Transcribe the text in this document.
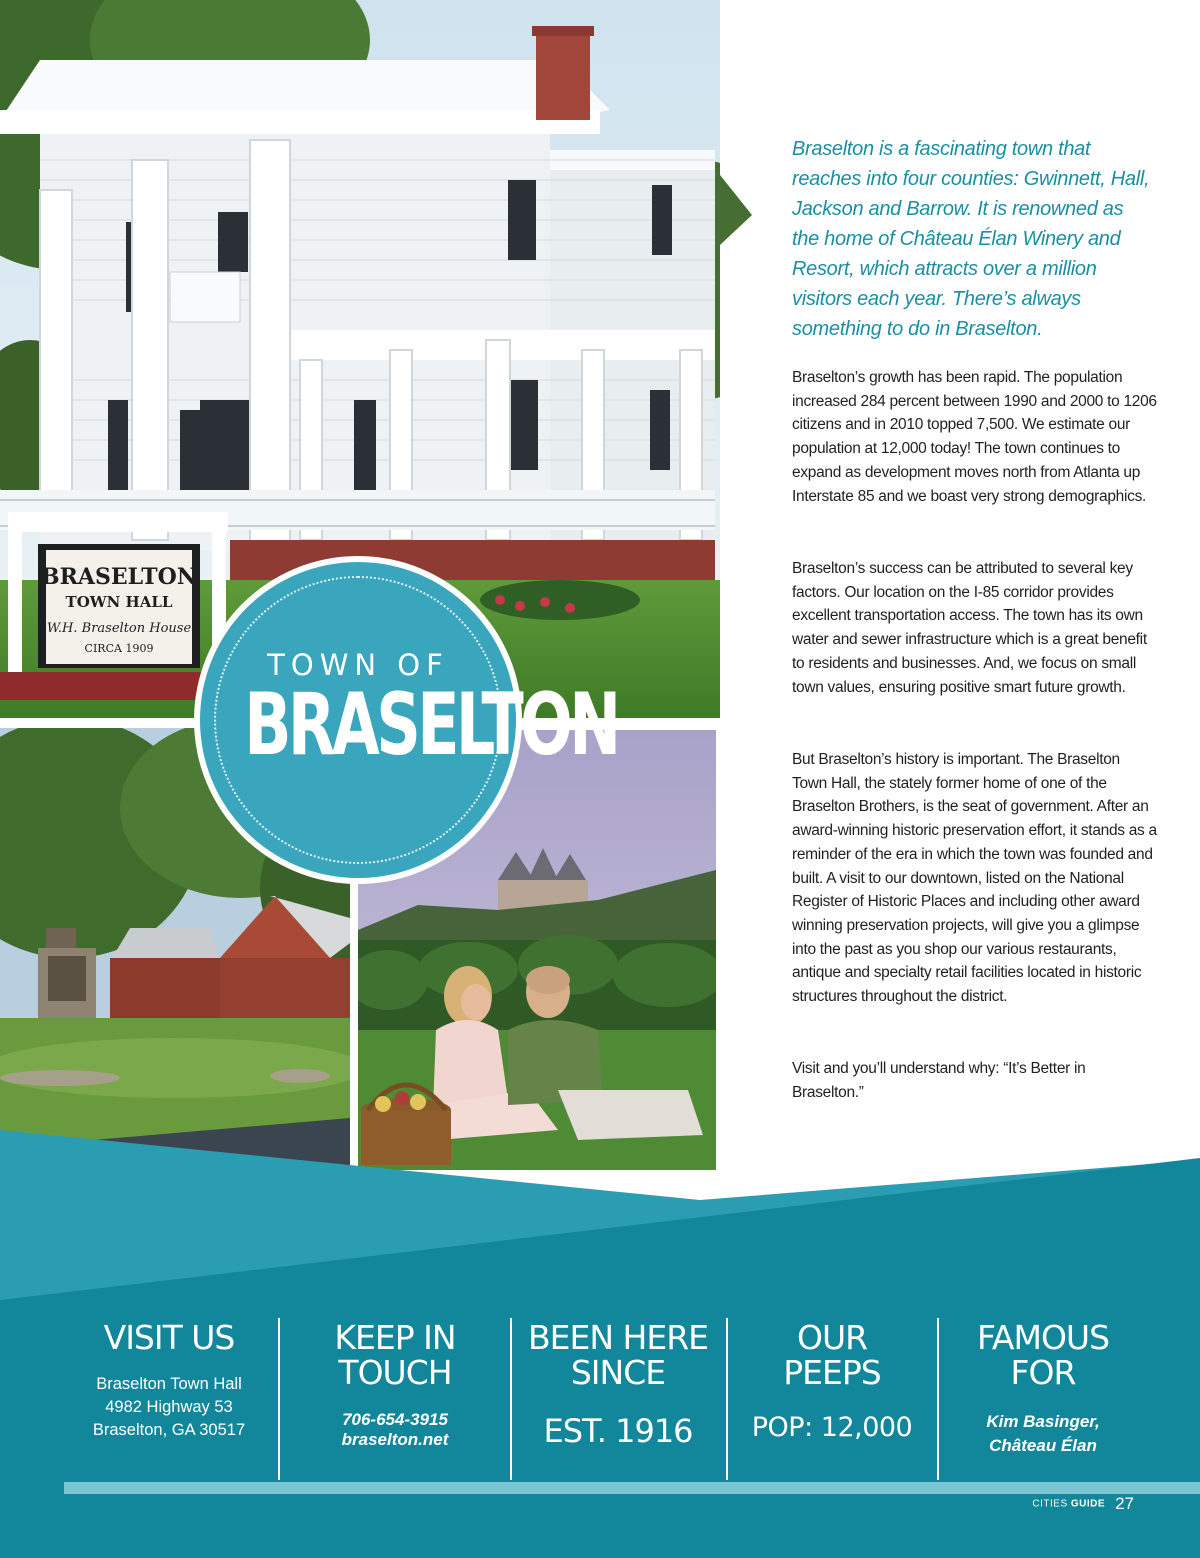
BRASELTON
TOWN HALL
W.H. Braselton House
CIRCA 1909	TOWN OF
BRASELTON

Braselton is a fascinating town that reaches into four counties: Gwinnett, Hall, Jackson and Barrow. It is renowned as the home of Château Élan Winery and Resort, which attracts over a million visitors each year. There’s always something to do in Braselton.

Braselton’s growth has been rapid. The population increased 284 percent between 1990 and 2000 to 1206 citizens and in 2010 topped 7,500. We estimate our population at 12,000 today! The town continues to expand as development moves north from Atlanta up Interstate 85 and we boast very strong demographics.

Braselton’s success can be attributed to several key factors. Our location on the I-85 corridor provides excellent transportation access. The town has its own water and sewer infrastructure which is a great benefit to residents and businesses. And, we focus on small town values, ensuring positive smart future growth.

But Braselton’s history is important. The Braselton Town Hall, the stately former home of one of the Braselton Brothers, is the seat of government. After an award-winning historic preservation effort, it stands as a reminder of the era in which the town was founded and built. A visit to our downtown, listed on the National Register of Historic Places and including other award winning preservation projects, will give you a glimpse into the past as you shop our various restaurants, antique and specialty retail facilities located in historic structures throughout the district.

Visit and you’ll understand why: “It’s Better in Braselton.”

VISIT US
Braselton Town Hall
4982 Highway 53
Braselton, GA 30517
KEEP IN
TOUCH
706-654-3915
braselton.net
BEEN HERE
SINCE
EST. 1916
OUR
PEEPS
POP: 12,000
FAMOUS
FOR
Kim Basinger,
Château Élan
CITIES GUIDE 27
